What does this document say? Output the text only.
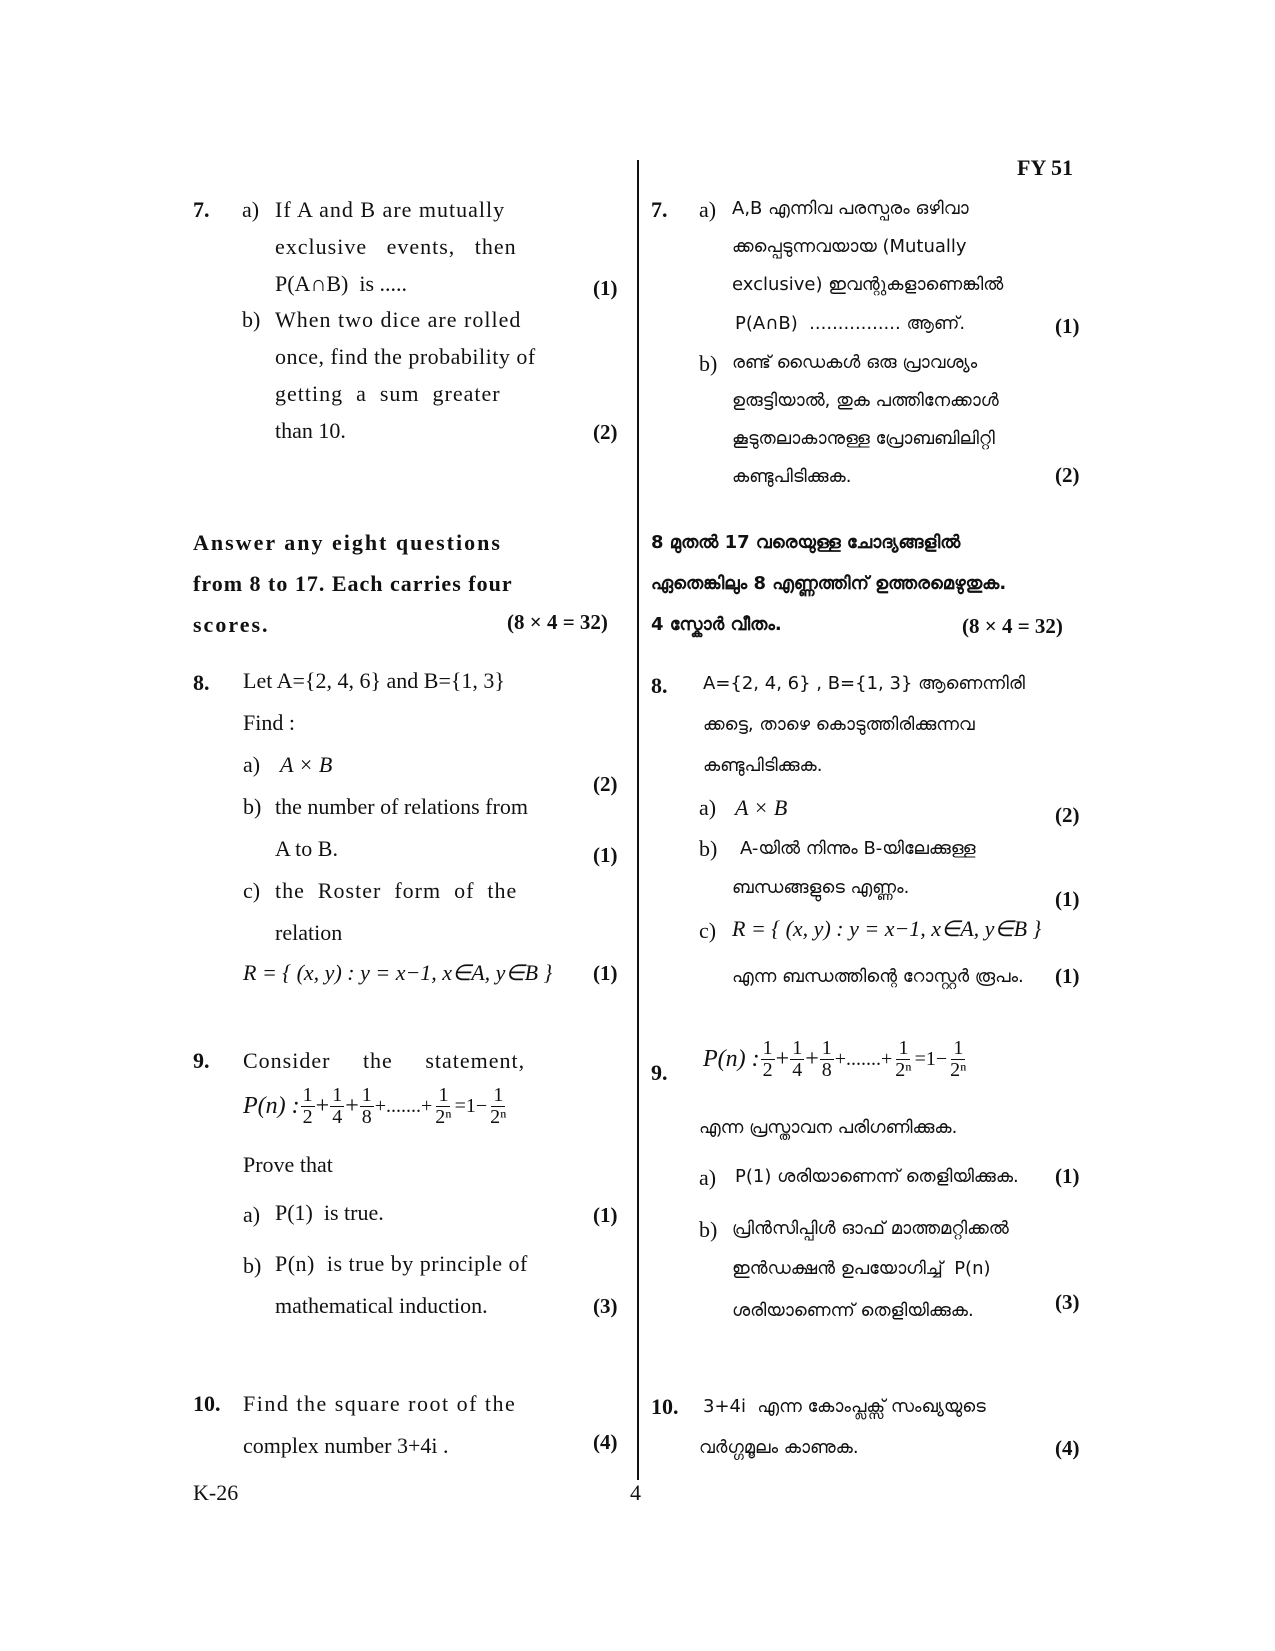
FY 51
7. a) If A and B are mutually
exclusive   events,   then
P(A∩B)  is .....	(1)
b) When two dice are rolled
once, find the probability of
getting  a  sum  greater
than 10.	(2)
Answer any eight questions
from 8 to 17. Each carries four
scores.	(8 × 4 = 32)
8. Let A={2, 4, 6} and B={1, 3}
Find :
a) A × B
(2)
b) the number of relations from
A to B.	(1)
c) the  Roster  form  of  the
relation
R = { (x, y) : y = x−1, x∈A, y∈B } (1)
9. Consider     the     statement,
P(n) : $\frac{1}{2} + \frac{1}{4} + \frac{1}{8}$ +.......+ $\frac{1}{\text{2ⁿ}} =1- \frac{1}{\text{2ⁿ}}$
Prove that
a) P(1)  is true.	(1)
b) P(n)  is true by principle of
mathematical induction.	(3)
10. Find the square root of the
complex number 3+4i .	(4)
7. a) A,B എന്നിവ പരസ്പരം ഒഴിവാ
ക്കപ്പെടുന്നവയായ (Mutually
exclusive) ഇവന്റുകളാണെങ്കിൽ
P(A∩B)  ................ ആണ്.	(1)
b) രണ്ട് ഡൈകൾ ഒരു പ്രാവശ്യം
ഉരുട്ടിയാൽ, തുക പത്തിനേക്കാൾ
കൂടുതലാകാനുള്ള പ്രോബബിലിറ്റി
കണ്ടുപിടിക്കുക.	(2)
8 മുതൽ 17 വരെയുള്ള ചോദ്യങ്ങളിൽ
ഏതെങ്കിലും 8 എണ്ണത്തിന് ഉത്തരമെഴുതുക.
4 സ്കോർ വീതം.	(8 × 4 = 32)
8. A={2, 4, 6} , B={1, 3} ആണെന്നിരി
ക്കട്ടെ, താഴെ കൊടുത്തിരിക്കുന്നവ
കണ്ടുപിടിക്കുക.
a) A × B	(2)
b) A-യിൽ നിന്നും B-യിലേക്കുള്ള
ബന്ധങ്ങളുടെ എണ്ണം.	(1)
c) R = { (x, y) : y = x−1, x∈A, y∈B }
എന്ന ബന്ധത്തിന്റെ റോസ്റ്റർ രൂപം. (1)
9.
P(n) : $\frac{1}{2} + \frac{1}{4} + \frac{1}{8}$ +.......+ $\frac{1}{\text{2ⁿ}} =1- \frac{1}{\text{2ⁿ}}$
എന്ന പ്രസ്താവന പരിഗണിക്കുക.
a) P(1) ശരിയാണെന്ന് തെളിയിക്കുക. (1)
b) പ്രിൻസിപ്പിൾ ഓഫ് മാത്തമറ്റിക്കൽ
ഇൻഡക്ഷൻ ഉപയോഗിച്ച്  P(n)
ശരിയാണെന്ന് തെളിയിക്കുക.	(3)
10. 3+4i  എന്ന കോംപ്ലക്സ് സംഖ്യയുടെ
വർഗ്ഗമൂലം കാണുക.	(4)
K-26	4
